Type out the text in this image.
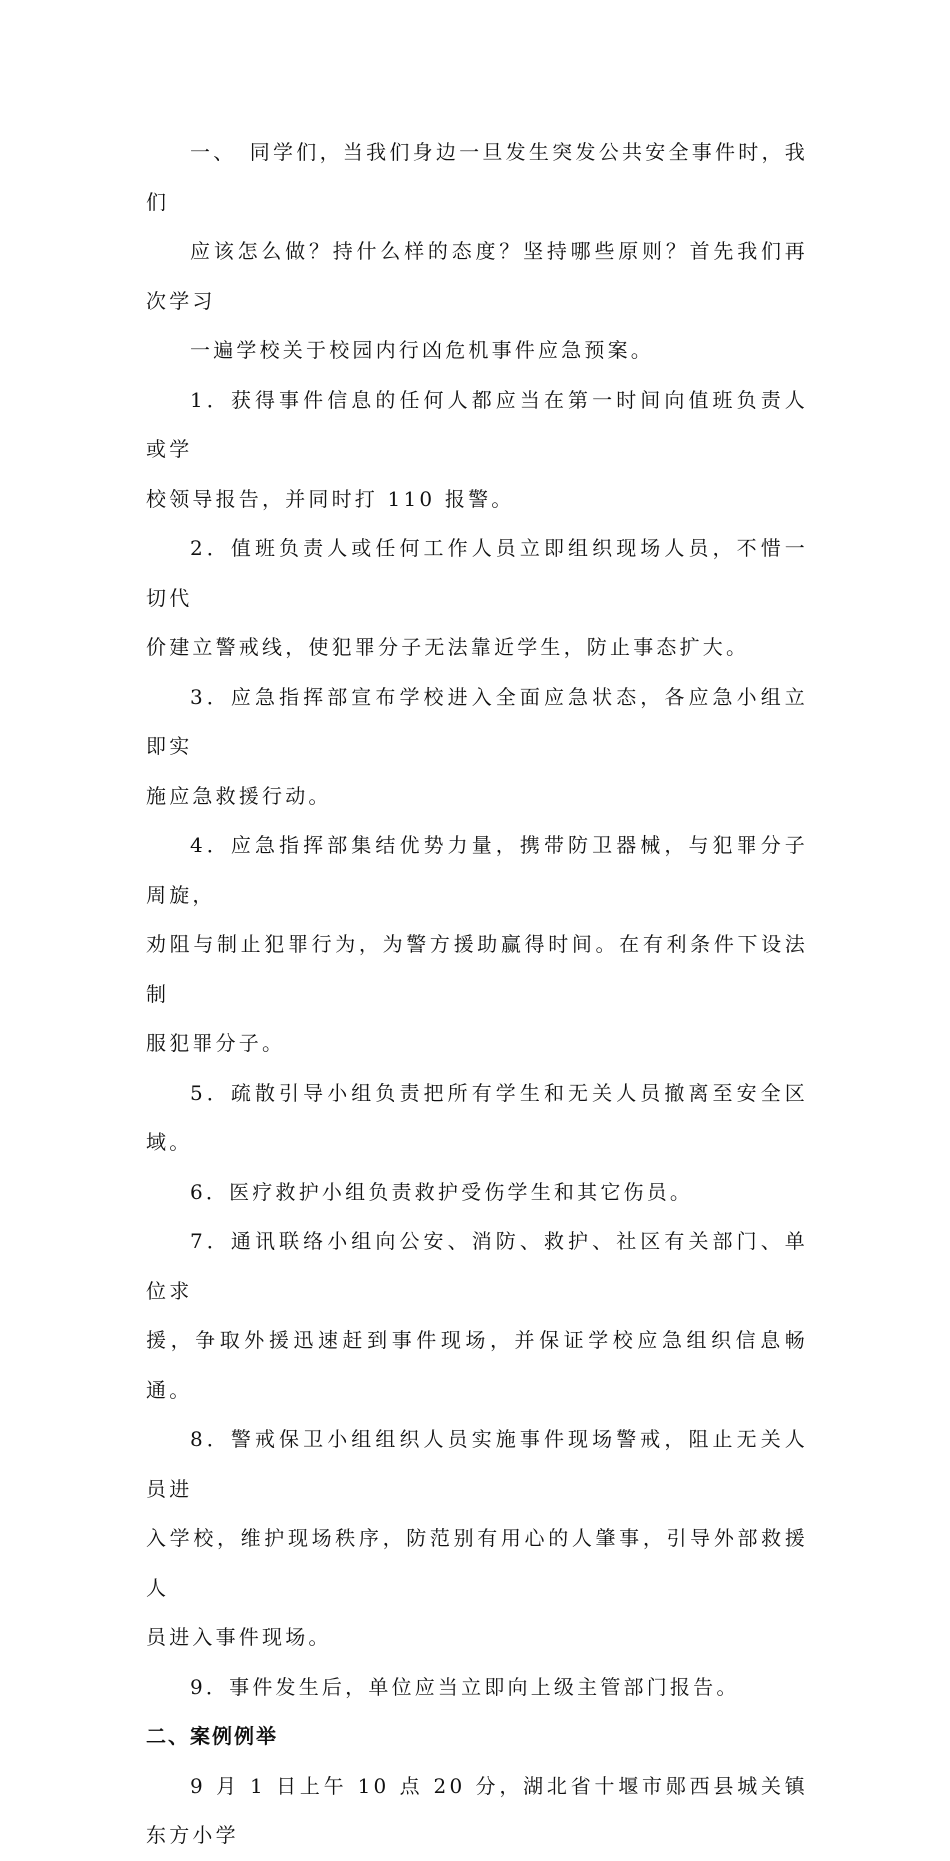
一、　同学们，当我们身边一旦发生突发公共安全事件时，我们
应该怎么做？持什么样的态度？坚持哪些原则？首先我们再次学习
一遍学校关于校园内行凶危机事件应急预案。

1．获得事件信息的任何人都应当在第一时间向值班负责人或学
校领导报告，并同时打 110 报警。

2．值班负责人或任何工作人员立即组织现场人员，不惜一切代
价建立警戒线，使犯罪分子无法靠近学生，防止事态扩大。

3．应急指挥部宣布学校进入全面应急状态，各应急小组立即实
施应急救援行动。

4．应急指挥部集结优势力量，携带防卫器械，与犯罪分子周旋，
劝阻与制止犯罪行为，为警方援助赢得时间。在有利条件下设法制
服犯罪分子。

5．疏散引导小组负责把所有学生和无关人员撤离至安全区域。

6．医疗救护小组负责救护受伤学生和其它伤员。

7．通讯联络小组向公安、消防、救护、社区有关部门、单位求
援，争取外援迅速赶到事件现场，并保证学校应急组织信息畅通。

8．警戒保卫小组组织人员实施事件现场警戒，阻止无关人员进
入学校，维护现场秩序，防范别有用心的人肇事，引导外部救援人
员进入事件现场。

9．事件发生后，单位应当立即向上级主管部门报告。

二、案例例举

9 月 1 日上午 10 点 20 分，湖北省十堰市郧西县城关镇东方小学
